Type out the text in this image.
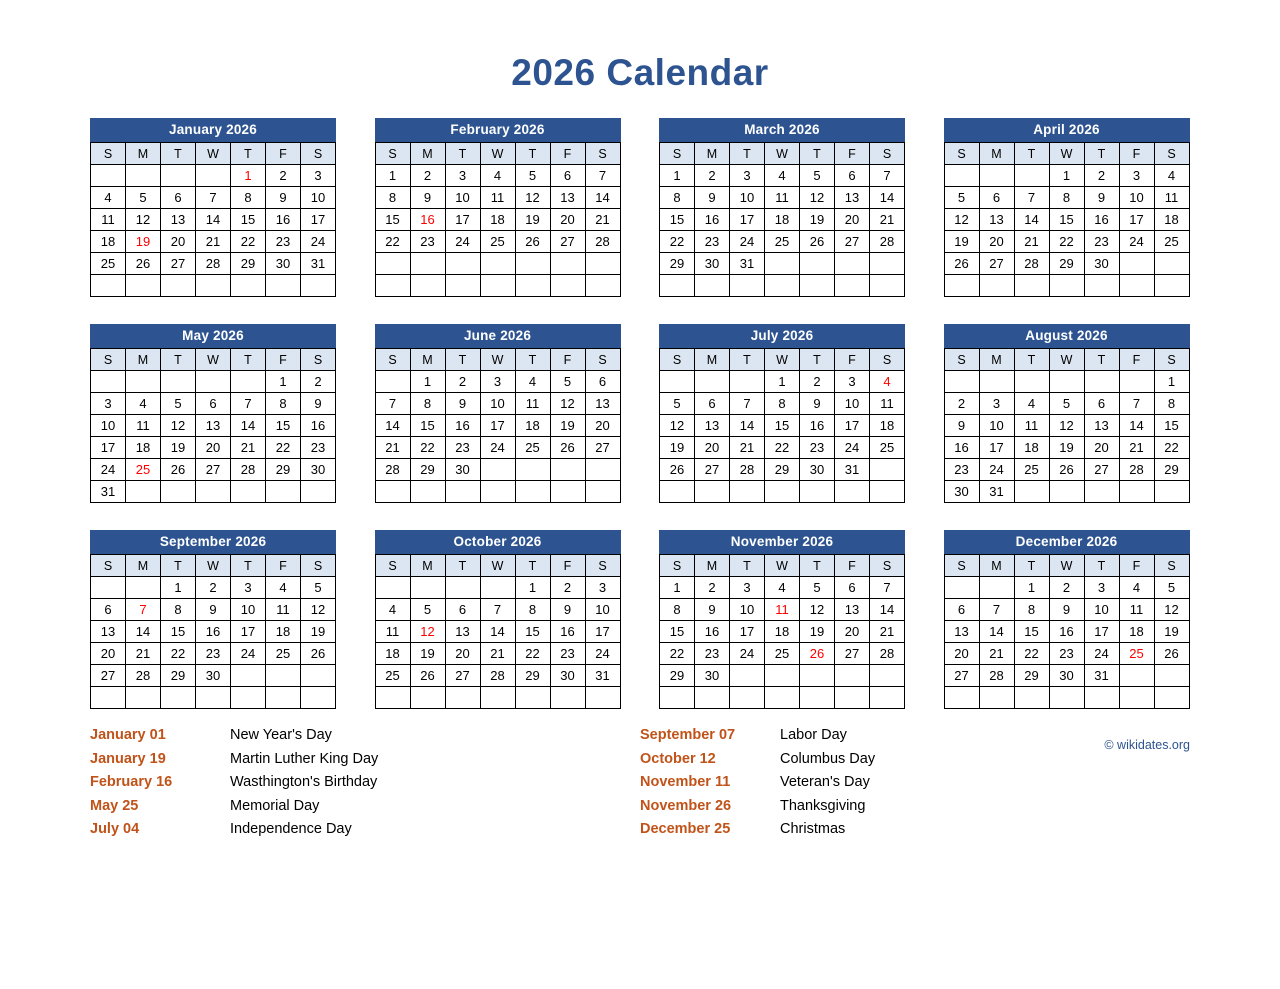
2026 Calendar
January 2026
S	M	T	W	T	F	S
				1	2	3
4	5	6	7	8	9	10
11	12	13	14	15	16	17
18	19	20	21	22	23	24
25	26	27	28	29	30	31

February 2026
S	M	T	W	T	F	S
1	2	3	4	5	6	7
8	9	10	11	12	13	14
15	16	17	18	19	20	21
22	23	24	25	26	27	28

March 2026
S	M	T	W	T	F	S
1	2	3	4	5	6	7
8	9	10	11	12	13	14
15	16	17	18	19	20	21
22	23	24	25	26	27	28
29	30	31				

April 2026
S	M	T	W	T	F	S
			1	2	3	4
5	6	7	8	9	10	11
12	13	14	15	16	17	18
19	20	21	22	23	24	25
26	27	28	29	30		

May 2026
S	M	T	W	T	F	S
					1	2
3	4	5	6	7	8	9
10	11	12	13	14	15	16
17	18	19	20	21	22	23
24	25	26	27	28	29	30
31						
June 2026
S	M	T	W	T	F	S
	1	2	3	4	5	6
7	8	9	10	11	12	13
14	15	16	17	18	19	20
21	22	23	24	25	26	27
28	29	30				

July 2026
S	M	T	W	T	F	S
			1	2	3	4
5	6	7	8	9	10	11
12	13	14	15	16	17	18
19	20	21	22	23	24	25
26	27	28	29	30	31	

August 2026
S	M	T	W	T	F	S
						1
2	3	4	5	6	7	8
9	10	11	12	13	14	15
16	17	18	19	20	21	22
23	24	25	26	27	28	29
30	31					
September 2026
S	M	T	W	T	F	S
		1	2	3	4	5
6	7	8	9	10	11	12
13	14	15	16	17	18	19
20	21	22	23	24	25	26
27	28	29	30			

October 2026
S	M	T	W	T	F	S
				1	2	3
4	5	6	7	8	9	10
11	12	13	14	15	16	17
18	19	20	21	22	23	24
25	26	27	28	29	30	31

November 2026
S	M	T	W	T	F	S
1	2	3	4	5	6	7
8	9	10	11	12	13	14
15	16	17	18	19	20	21
22	23	24	25	26	27	28
29	30					

December 2026
S	M	T	W	T	F	S
		1	2	3	4	5
6	7	8	9	10	11	12
13	14	15	16	17	18	19
20	21	22	23	24	25	26
27	28	29	30	31		

© wikidates.org
January 01	New Year's Day
January 19	Martin Luther King Day
February 16	Wasthington's Birthday
May 25	Memorial Day
July 04	Independence Day
September 07	Labor Day
October 12	Columbus Day
November 11	Veteran's Day
November 26	Thanksgiving
December 25	Christmas
